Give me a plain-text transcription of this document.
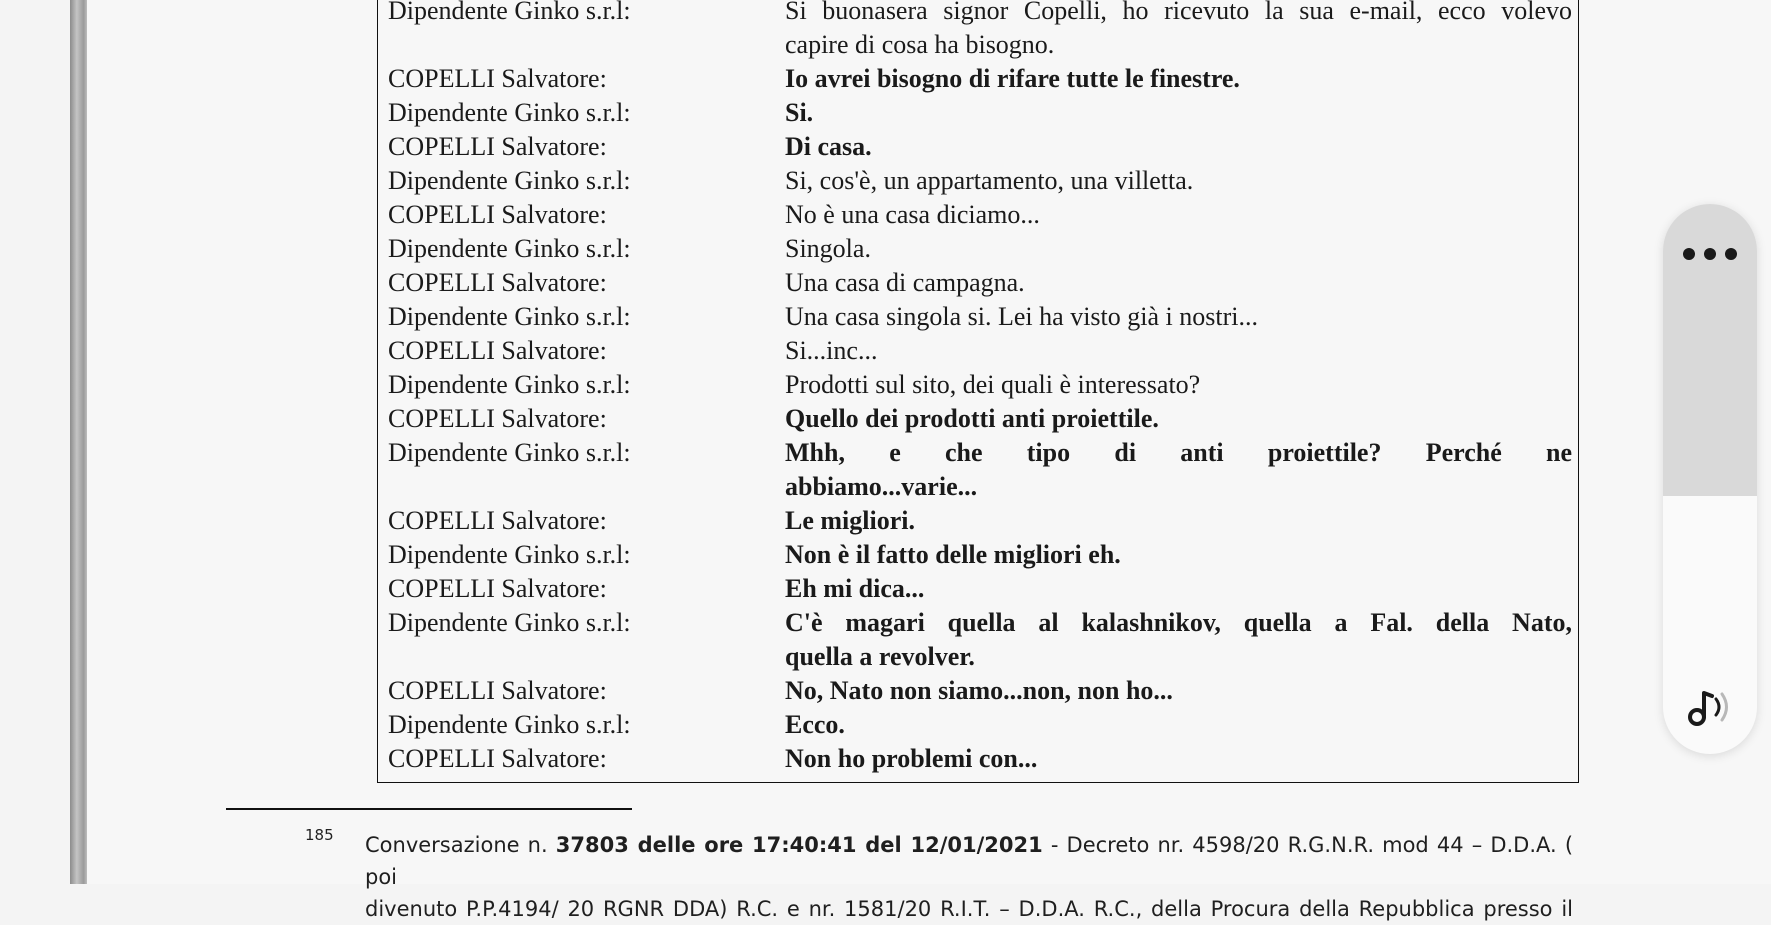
Dipendente Ginko s.r.l:	Si buonasera signor Copelli, ho ricevuto la sua e-mail, ecco volevo
capire di cosa ha bisogno.
COPELLI Salvatore:	Io avrei bisogno di rifare tutte le finestre.
Dipendente Ginko s.r.l:	Si.
COPELLI Salvatore:	Di casa.
Dipendente Ginko s.r.l:	Si, cos'è, un appartamento, una villetta.
COPELLI Salvatore:	No è una casa diciamo...
Dipendente Ginko s.r.l:	Singola.
COPELLI Salvatore:	Una casa di campagna.
Dipendente Ginko s.r.l:	Una casa singola si. Lei ha visto già i nostri...
COPELLI Salvatore:	Si...inc...
Dipendente Ginko s.r.l:	Prodotti sul sito, dei quali è interessato?
COPELLI Salvatore:	Quello dei prodotti anti proiettile.
Dipendente Ginko s.r.l:	Mhh, e che tipo di anti proiettile? Perché ne
abbiamo...varie...
COPELLI Salvatore:	Le migliori.
Dipendente Ginko s.r.l:	Non è il fatto delle migliori eh.
COPELLI Salvatore:	Eh mi dica...
Dipendente Ginko s.r.l:	C'è magari quella al kalashnikov, quella a Fal. della Nato,
quella a revolver.
COPELLI Salvatore:	No, Nato non siamo...non, non ho...
Dipendente Ginko s.r.l:	Ecco.
COPELLI Salvatore:	Non ho problemi con...
185 Conversazione n. 37803 delle ore 17:40:41 del 12/01/2021 - Decreto nr. 4598/20 R.G.N.R. mod 44 – D.D.A. ( poi
divenuto P.P.4194/ 20 RGNR DDA) R.C. e nr. 1581/20 R.I.T. – D.D.A. R.C., della Procura della Repubblica presso il
